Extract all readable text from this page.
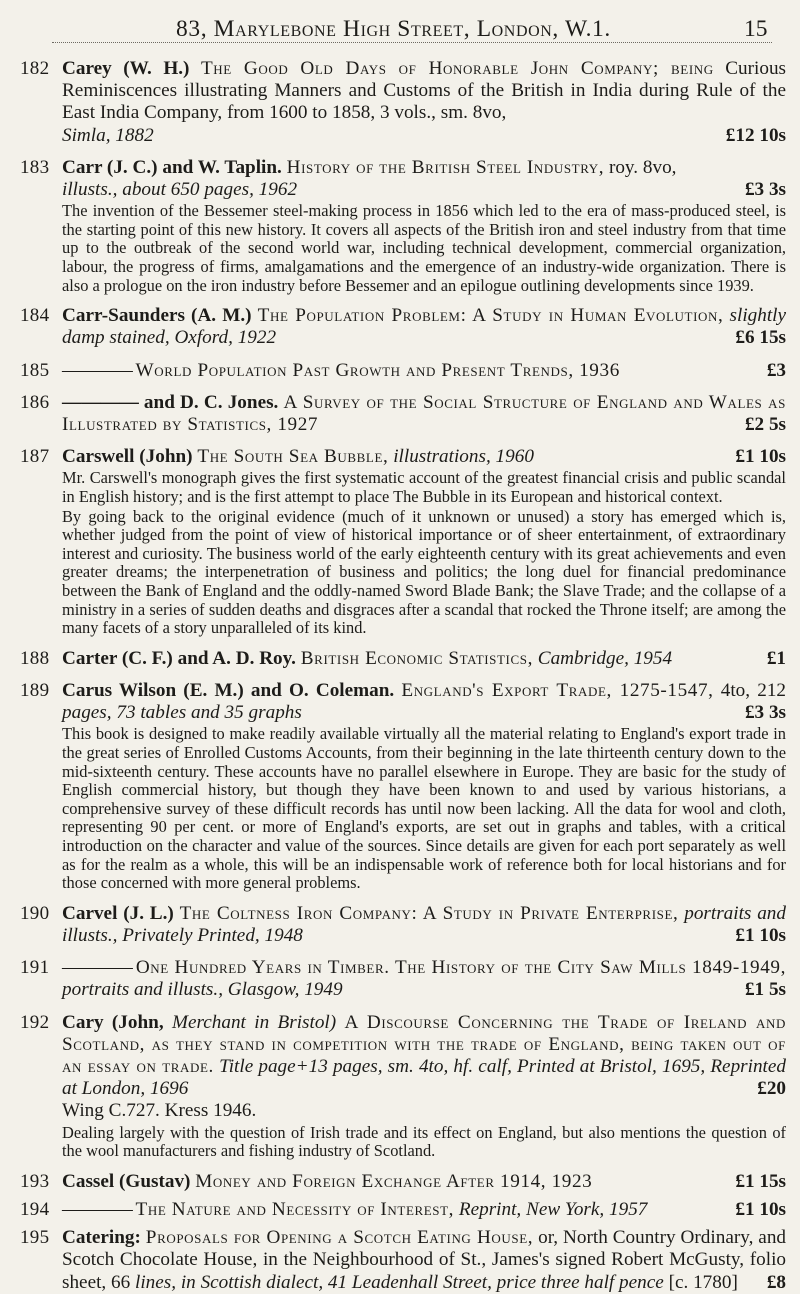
83, Marylebone High Street, London, W.1.	15
182 Carey (W. H.) The Good Old Days of Honorable John Company; being Curious Reminiscences illustrating Manners and Customs of the British in India during Rule of the East India Company, from 1600 to 1858, 3 vols., sm. 8vo,
Simla, 1882	£12 10s
183 Carr (J. C.) and W. Taplin. History of the British Steel Industry, roy. 8vo,
illusts., about 650 pages, 1962	£3 3s

The invention of the Bessemer steel-making process in 1856 which led to the era of mass-produced steel, is the starting point of this new history. It covers all aspects of the British iron and steel industry from that time up to the outbreak of the second world war, including technical development, commercial organization, labour, the progress of firms, amalgamations and the emergence of an industry-wide organization. There is also a prologue on the iron industry before Bessemer and an epilogue outlining developments since 1939.

184 Carr-Saunders (A. M.) The Population Problem: A Study in Human Evolution, slightly damp stained, Oxford, 1922	£6 15s
185 ———— World Population Past Growth and Present Trends, 1936	£3
186 ———— and D. C. Jones. A Survey of the Social Structure of England and Wales as Illustrated by Statistics, 1927	£2 5s
187 Carswell (John) The South Sea Bubble, illustrations, 1960	£1 10s

Mr. Carswell's monograph gives the first systematic account of the greatest financial crisis and public scandal in English history; and is the first attempt to place The Bubble in its European and historical context.

By going back to the original evidence (much of it unknown or unused) a story has emerged which is, whether judged from the point of view of historical importance or of sheer entertainment, of extraordinary interest and curiosity. The business world of the early eighteenth century with its great achievements and even greater dreams; the interpenetration of business and politics; the long duel for financial predominance between the Bank of England and the oddly-named Sword Blade Bank; the Slave Trade; and the collapse of a ministry in a series of sudden deaths and disgraces after a scandal that rocked the Throne itself; are among the many facets of a story unparalleled of its kind.

188 Carter (C. F.) and A. D. Roy. British Economic Statistics, Cambridge, 1954	£1
189 Carus Wilson (E. M.) and O. Coleman. England's Export Trade, 1275-1547, 4to, 212 pages, 73 tables and 35 graphs	£3 3s

This book is designed to make readily available virtually all the material relating to England's export trade in the great series of Enrolled Customs Accounts, from their beginning in the late thirteenth century down to the mid-sixteenth century. These accounts have no parallel elsewhere in Europe. They are basic for the study of English commercial history, but though they have been known to and used by various historians, a comprehensive survey of these difficult records has until now been lacking. All the data for wool and cloth, representing 90 per cent. or more of England's exports, are set out in graphs and tables, with a critical introduction on the character and value of the sources. Since details are given for each port separately as well as for the realm as a whole, this will be an indispensable work of reference both for local historians and for those concerned with more general problems.

190 Carvel (J. L.) The Coltness Iron Company: A Study in Private Enterprise, portraits and illusts., Privately Printed, 1948	£1 10s
191 ———— One Hundred Years in Timber. The History of the City Saw Mills 1849-1949, portraits and illusts., Glasgow, 1949	£1 5s
192 Cary (John, Merchant in Bristol) A Discourse Concerning the Trade of Ireland and Scotland, as they stand in competition with the trade of England, being taken out of an essay on trade. Title page+13 pages, sm. 4to, hf. calf, Printed at Bristol, 1695, Reprinted at London, 1696	£20

Wing C.727. Kress 1946.

Dealing largely with the question of Irish trade and its effect on England, but also mentions the question of the wool manufacturers and fishing industry of Scotland.

193 Cassel (Gustav) Money and Foreign Exchange After 1914, 1923	£1 15s
194 ———— The Nature and Necessity of Interest, Reprint, New York, 1957	£1 10s
195 Catering: Proposals for Opening a Scotch Eating House, or, North Country Ordinary, and Scotch Chocolate House, in the Neighbourhood of St., James's signed Robert McGusty, folio sheet, 66 lines, in Scottish dialect, 41 Leadenhall Street, price three half pence [c. 1780]	£8
